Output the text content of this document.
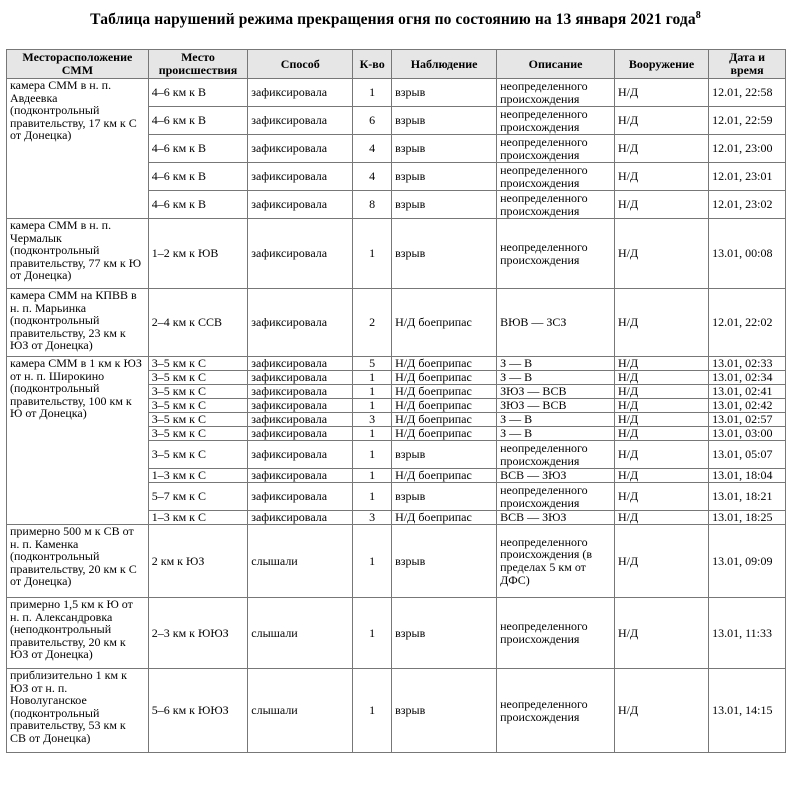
Таблица нарушений режима прекращения огня по состоянию на 13 января 2021 года$^8$
Месторасположение СММ	Место происшествия	Способ	К-во	Наблюдение	Описание	Вооружение	Дата и время
камера СММ в н. п. Авдеевка (подконтрольный правительству, 17 км к С от Донецка)	4–6 км к В	зафиксировала	1	взрыв	неопределенного происхождения	Н/Д	12.01, 22:58
	4–6 км к В	зафиксировала	6	взрыв	неопределенного происхождения	Н/Д	12.01, 22:59
	4–6 км к В	зафиксировала	4	взрыв	неопределенного происхождения	Н/Д	12.01, 23:00
	4–6 км к В	зафиксировала	4	взрыв	неопределенного происхождения	Н/Д	12.01, 23:01
	4–6 км к В	зафиксировала	8	взрыв	неопределенного происхождения	Н/Д	12.01, 23:02
камера СММ в н. п. Чермалык (подконтрольный правительству, 77 км к Ю от Донецка)	1–2 км к ЮВ	зафиксировала	1	взрыв	неопределенного происхождения	Н/Д	13.01, 00:08
камера СММ на КПВВ в н. п. Марьинка (подконтрольный правительству, 23 км к ЮЗ от Донецка)	2–4 км к ССВ	зафиксировала	2	Н/Д боеприпас	ВЮВ — ЗСЗ	Н/Д	12.01, 22:02
камера СММ в 1 км к ЮЗ от н. п. Широкино (подконтрольный правительству, 100 км к Ю от Донецка)	3–5 км к С	зафиксировала	5	Н/Д боеприпас	З — В	Н/Д	13.01, 02:33
	3–5 км к С	зафиксировала	1	Н/Д боеприпас	З — В	Н/Д	13.01, 02:34
	3–5 км к С	зафиксировала	1	Н/Д боеприпас	ЗЮЗ — ВСВ	Н/Д	13.01, 02:41
	3–5 км к С	зафиксировала	1	Н/Д боеприпас	ЗЮЗ — ВСВ	Н/Д	13.01, 02:42
	3–5 км к С	зафиксировала	3	Н/Д боеприпас	З — В	Н/Д	13.01, 02:57
	3–5 км к С	зафиксировала	1	Н/Д боеприпас	З — В	Н/Д	13.01, 03:00
	3–5 км к С	зафиксировала	1	взрыв	неопределенного происхождения	Н/Д	13.01, 05:07
	1–3 км к С	зафиксировала	1	Н/Д боеприпас	ВСВ — ЗЮЗ	Н/Д	13.01, 18:04
	5–7 км к С	зафиксировала	1	взрыв	неопределенного происхождения	Н/Д	13.01, 18:21
	1–3 км к С	зафиксировала	3	Н/Д боеприпас	ВСВ — ЗЮЗ	Н/Д	13.01, 18:25
примерно 500 м к СВ от н. п. Каменка (подконтрольный правительству, 20 км к С от Донецка)	2 км к ЮЗ	слышали	1	взрыв	неопределенного происхождения (в пределах 5 км от ДФС)	Н/Д	13.01, 09:09
примерно 1,5 км к Ю от н. п. Александровка (неподконтрольный правительству, 20 км к ЮЗ от Донецка)	2–3 км к ЮЮЗ	слышали	1	взрыв	неопределенного происхождения	Н/Д	13.01, 11:33
приблизительно 1 км к ЮЗ от н. п. Новолуганское (подконтрольный правительству, 53 км к СВ от Донецка)	5–6 км к ЮЮЗ	слышали	1	взрыв	неопределенного происхождения	Н/Д	13.01, 14:15
